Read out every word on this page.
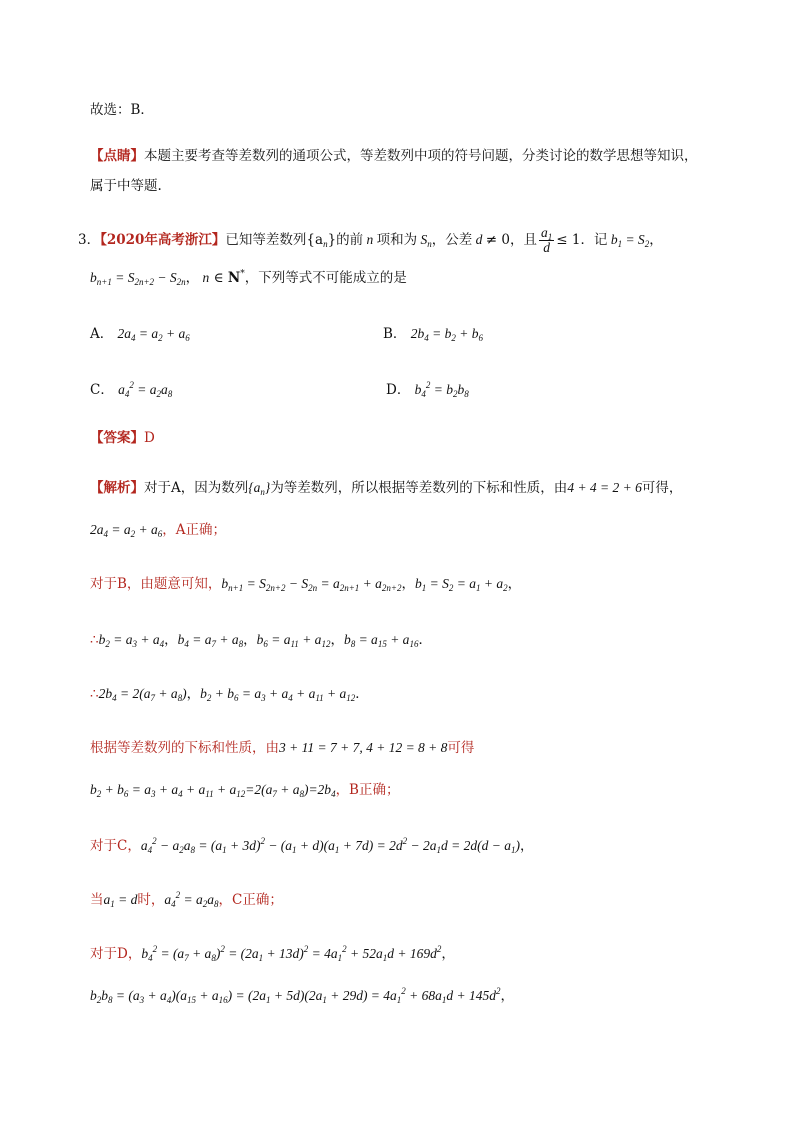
故选：B．
【点睛】本题主要考查等差数列的通项公式，等差数列中项的符号问题，分类讨论的数学思想等知识，
属于中等题.
3．【2020年高考浙江】已知等差数列$\{a_n\}$的前 n 项和为 $S_n$，公差 d ≠ 0，且 $\frac{a_1}{d} \le 1$．记 $b_1 = S_2$，
$b_{n+1} = S_{2n+2} - S_{2n}$， n ∈ N*，下列等式不可能成立的是
A． $2a_4 = a_2 + a_6$	B． $2b_4 = b_2 + b_6$
C． $a_4^2 = a_2a_8$	D． $b_4^2 = b_2b_8$
【答案】D
【解析】对于A，因为数列$\{a_n\}$为等差数列，所以根据等差数列的下标和性质，由4 + 4 = 2 + 6可得，
$2a_4 = a_2 + a_6$，A正确；
对于B，由题意可知，$b_{n+1} = S_{2n+2} - S_{2n} = a_{2n+1} + a_{2n+2}$，$b_1 = S_2 = a_1 + a_2$，
$\therefore b_2 = a_3 + a_4$，$b_4 = a_7 + a_8$，$b_6 = a_{11} + a_{12}$，$b_8 = a_{15} + a_{16}$．
$\therefore 2b_4 = 2(a_7 + a_8)$，$b_2 + b_6 = a_3 + a_4 + a_{11} + a_{12}$．
根据等差数列的下标和性质，由3 + 11 = 7 + 7, 4 + 12 = 8 + 8可得
$b_2 + b_6 = a_3 + a_4 + a_{11} + a_{12}=2(a_7 + a_8)=2b_4$，B正确；
对于C，$a_4^2 - a_2a_8 = (a_1 + 3d)^2 - (a_1 + d)(a_1 + 7d) = 2d^2 - 2a_1d = 2d(d - a_1)$，
当$a_1 = d$时，$a_4^2 = a_2a_8$，C正确；
对于D，$b_4^2 = (a_7 + a_8)^2 = (2a_1 + 13d)^2 = 4a_1^2 + 52a_1d + 169d^2$，
$b_2b_8 = (a_3 + a_4)(a_{15} + a_{16}) = (2a_1 + 5d)(2a_1 + 29d) = 4a_1^2 + 68a_1d + 145d^2$，
